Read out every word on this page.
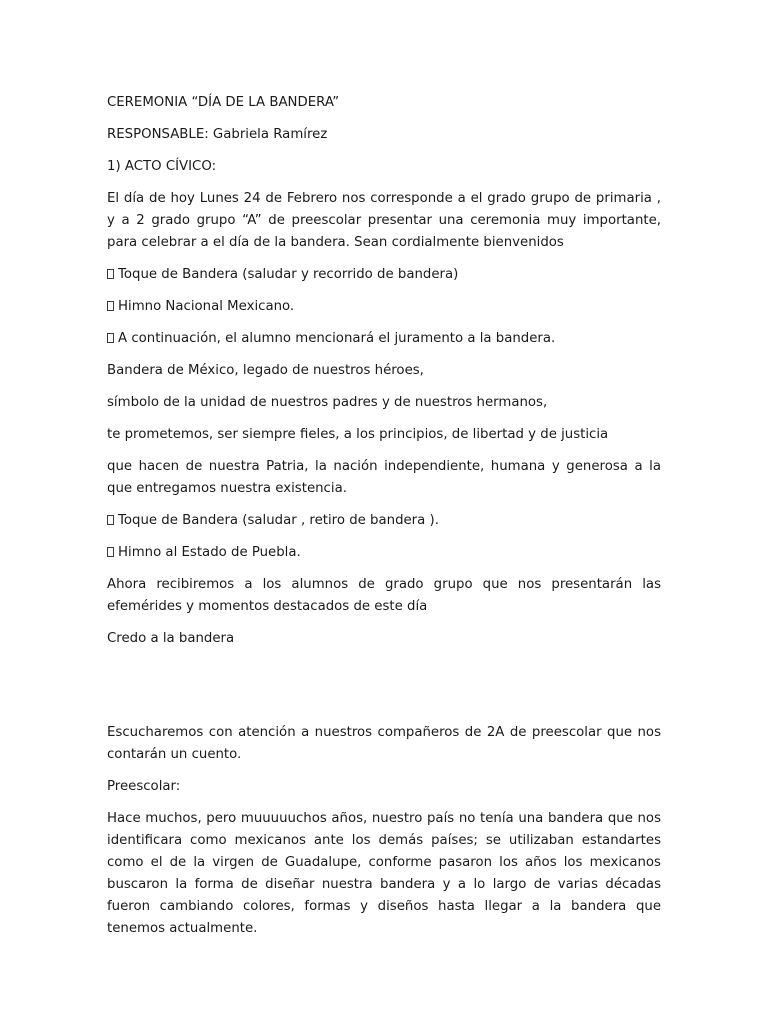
CEREMONIA “DÍA DE LA BANDERA”

RESPONSABLE: Gabriela Ramírez

1) ACTO CÍVICO:

El día de hoy Lunes 24 de Febrero nos corresponde a el grado grupo de primaria , y a 2 grado grupo “A” de preescolar presentar una ceremonia muy importante, para celebrar a el día de la bandera. Sean cordialmente bienvenidos

Toque de Bandera (saludar y recorrido de bandera)

Himno Nacional Mexicano.

A continuación, el alumno mencionará el juramento a la bandera.

Bandera de México, legado de nuestros héroes,

símbolo de la unidad de nuestros padres y de nuestros hermanos,

te prometemos, ser siempre fieles, a los principios, de libertad y de justicia

que hacen de nuestra Patria, la nación independiente, humana y generosa a la que entregamos nuestra existencia.

Toque de Bandera (saludar , retiro de bandera ).

Himno al Estado de Puebla.

Ahora recibiremos a los alumnos de grado grupo que nos presentarán las efemérides y momentos destacados de este día

Credo a la bandera

Escucharemos con atención a nuestros compañeros de 2A de preescolar que nos contarán un cuento.

Preescolar:

Hace muchos, pero muuuuuchos años, nuestro país no tenía una bandera que nos identificara como mexicanos ante los demás países; se utilizaban estandartes como el de la virgen de Guadalupe, conforme pasaron los años los mexicanos buscaron la forma de diseñar nuestra bandera y a lo largo de varias décadas fueron cambiando colores, formas y diseños hasta llegar a la bandera que tenemos actualmente.
